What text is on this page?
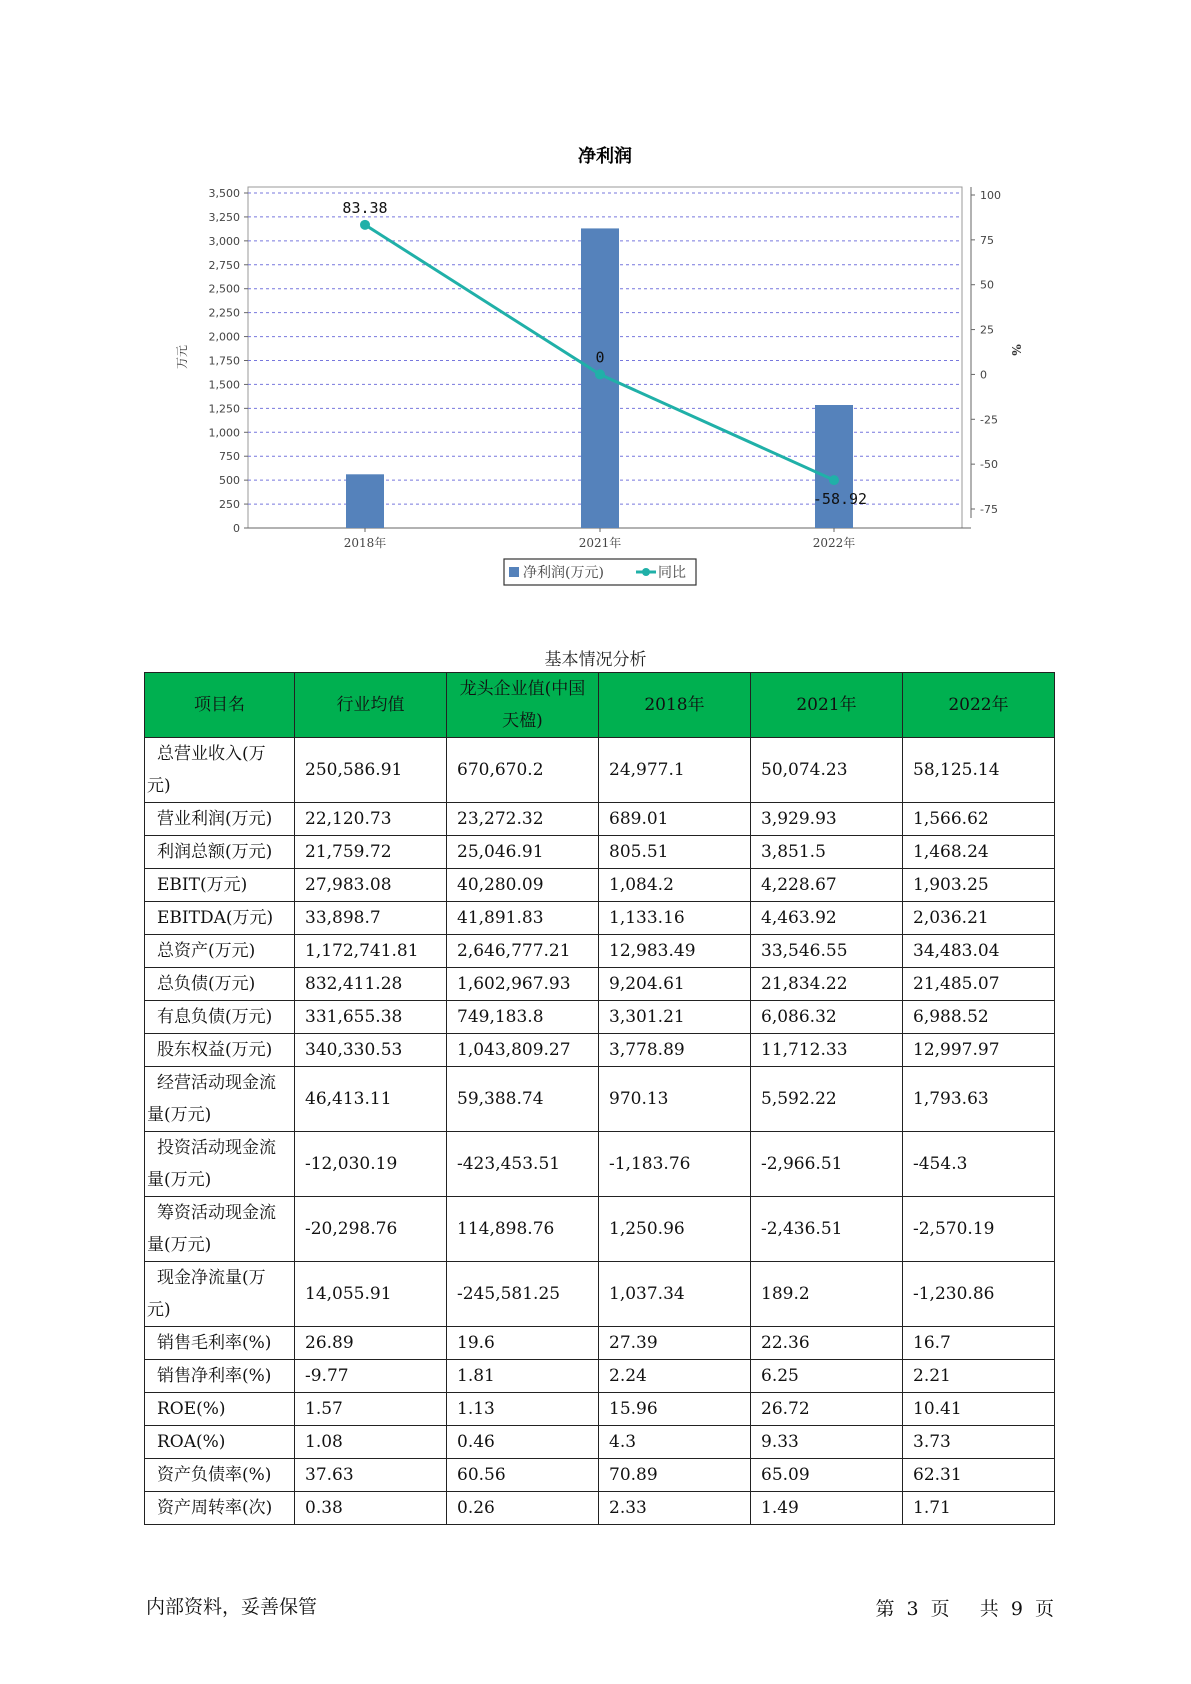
净利润
0
250
500
750
1,000
1,250
1,500
1,750
2,000
2,250
2,500
2,750
3,000
3,250
3,500
-75
-50
-25
0
25
50
75
100
万元	%
2018年	2021年	2022年
83.38
0
-58.92
净利润(万元)	同比
基本情况分析
项目名	行业均值	龙头企业值(中国天楹)	2018年	2021年	2022年
总营业收入(万元)	250,586.91	670,670.2	24,977.1	50,074.23	58,125.14
营业利润(万元)	22,120.73	23,272.32	689.01	3,929.93	1,566.62
利润总额(万元)	21,759.72	25,046.91	805.51	3,851.5	1,468.24
EBIT(万元)	27,983.08	40,280.09	1,084.2	4,228.67	1,903.25
EBITDA(万元)	33,898.7	41,891.83	1,133.16	4,463.92	2,036.21
总资产(万元)	1,172,741.81	2,646,777.21	12,983.49	33,546.55	34,483.04
总负债(万元)	832,411.28	1,602,967.93	9,204.61	21,834.22	21,485.07
有息负债(万元)	331,655.38	749,183.8	3,301.21	6,086.32	6,988.52
股东权益(万元)	340,330.53	1,043,809.27	3,778.89	11,712.33	12,997.97
经营活动现金流量(万元)	46,413.11	59,388.74	970.13	5,592.22	1,793.63
投资活动现金流量(万元)	-12,030.19	-423,453.51	-1,183.76	-2,966.51	-454.3
筹资活动现金流量(万元)	-20,298.76	114,898.76	1,250.96	-2,436.51	-2,570.19
现金净流量(万元)	14,055.91	-245,581.25	1,037.34	189.2	-1,230.86
销售毛利率(%)	26.89	19.6	27.39	22.36	16.7
销售净利率(%)	-9.77	1.81	2.24	6.25	2.21
ROE(%)	1.57	1.13	15.96	26.72	10.41
ROA(%)	1.08	0.46	4.3	9.33	3.73
资产负债率(%)	37.63	60.56	70.89	65.09	62.31
资产周转率(次)	0.38	0.26	2.33	1.49	1.71
内部资料，妥善保管	第 3 页 共 9 页
